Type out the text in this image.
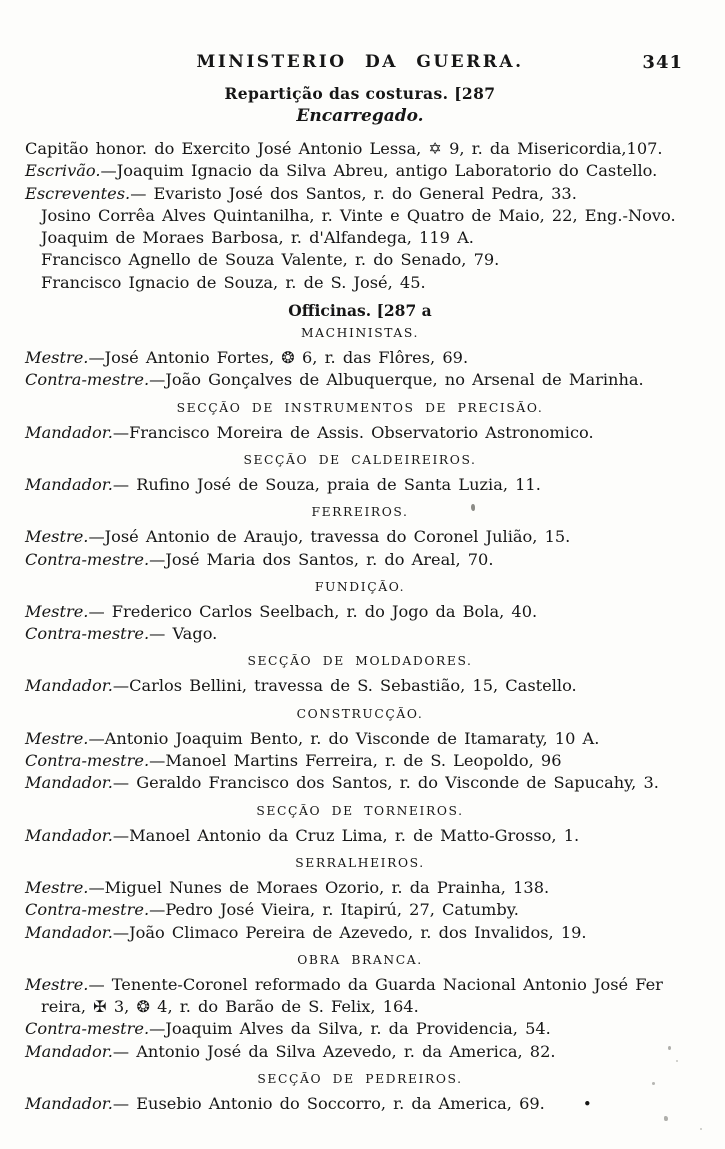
MINISTERIO DA GUERRA.	341
Repartição das costuras. [287
Encarregado.

Capitão honor. do Exercito José Antonio Lessa, ✡ 9, r. da Misericordia,107.

Escrivão.—Joaquim Ignacio da Silva Abreu, antigo Laboratorio do Castello.

Escreventes.— Evaristo José dos Santos, r. do General Pedra, 33.

Josino Corrêa Alves Quintanilha, r. Vinte e Quatro de Maio, 22, Eng.-Novo.

Joaquim de Moraes Barbosa, r. d'Alfandega, 119 A.

Francisco Agnello de Souza Valente, r. do Senado, 79.

Francisco Ignacio de Souza, r. de S. José, 45.

Officinas. [287 a
MACHINISTAS.

Mestre.—José Antonio Fortes, ❂ 6, r. das Flôres, 69.

Contra-mestre.—João Gonçalves de Albuquerque, no Arsenal de Marinha.

SECÇÃO DE INSTRUMENTOS DE PRECISÃO.

Mandador.—Francisco Moreira de Assis. Observatorio Astronomico.

SECÇÃO DE CALDEIREIROS.

Mandador.— Rufino José de Souza, praia de Santa Luzia, 11.

FERREIROS.

Mestre.—José Antonio de Araujo, travessa do Coronel Julião, 15.

Contra-mestre.—José Maria dos Santos, r. do Areal, 70.

FUNDIÇÃO.

Mestre.— Frederico Carlos Seelbach, r. do Jogo da Bola, 40.

Contra-mestre.— Vago.

SECÇÃO DE MOLDADORES.

Mandador.—Carlos Bellini, travessa de S. Sebastião, 15, Castello.

CONSTRUCÇÃO.

Mestre.—Antonio Joaquim Bento, r. do Visconde de Itamaraty, 10 A.

Contra-mestre.—Manoel Martins Ferreira, r. de S. Leopoldo, 96

Mandador.— Geraldo Francisco dos Santos, r. do Visconde de Sapucahy, 3.

SECÇÃO DE TORNEIROS.

Mandador.—Manoel Antonio da Cruz Lima, r. de Matto-Grosso, 1.

SERRALHEIROS.

Mestre.—Miguel Nunes de Moraes Ozorio, r. da Prainha, 138.

Contra-mestre.—Pedro José Vieira, r. Itapirú, 27, Catumby.

Mandador.—João Climaco Pereira de Azevedo, r. dos Invalidos, 19.

OBRA BRANCA.

Mestre.— Tenente-Coronel reformado da Guarda Nacional Antonio José Fer

reira, ✠ 3, ❂ 4, r. do Barão de S. Felix, 164.

Contra-mestre.—Joaquim Alves da Silva, r. da Providencia, 54.

Mandador.— Antonio José da Silva Azevedo, r. da America, 82.

SECÇÃO DE PEDREIROS.

Mandador.— Eusebio Antonio do Soccorro, r. da America, 69.	•
